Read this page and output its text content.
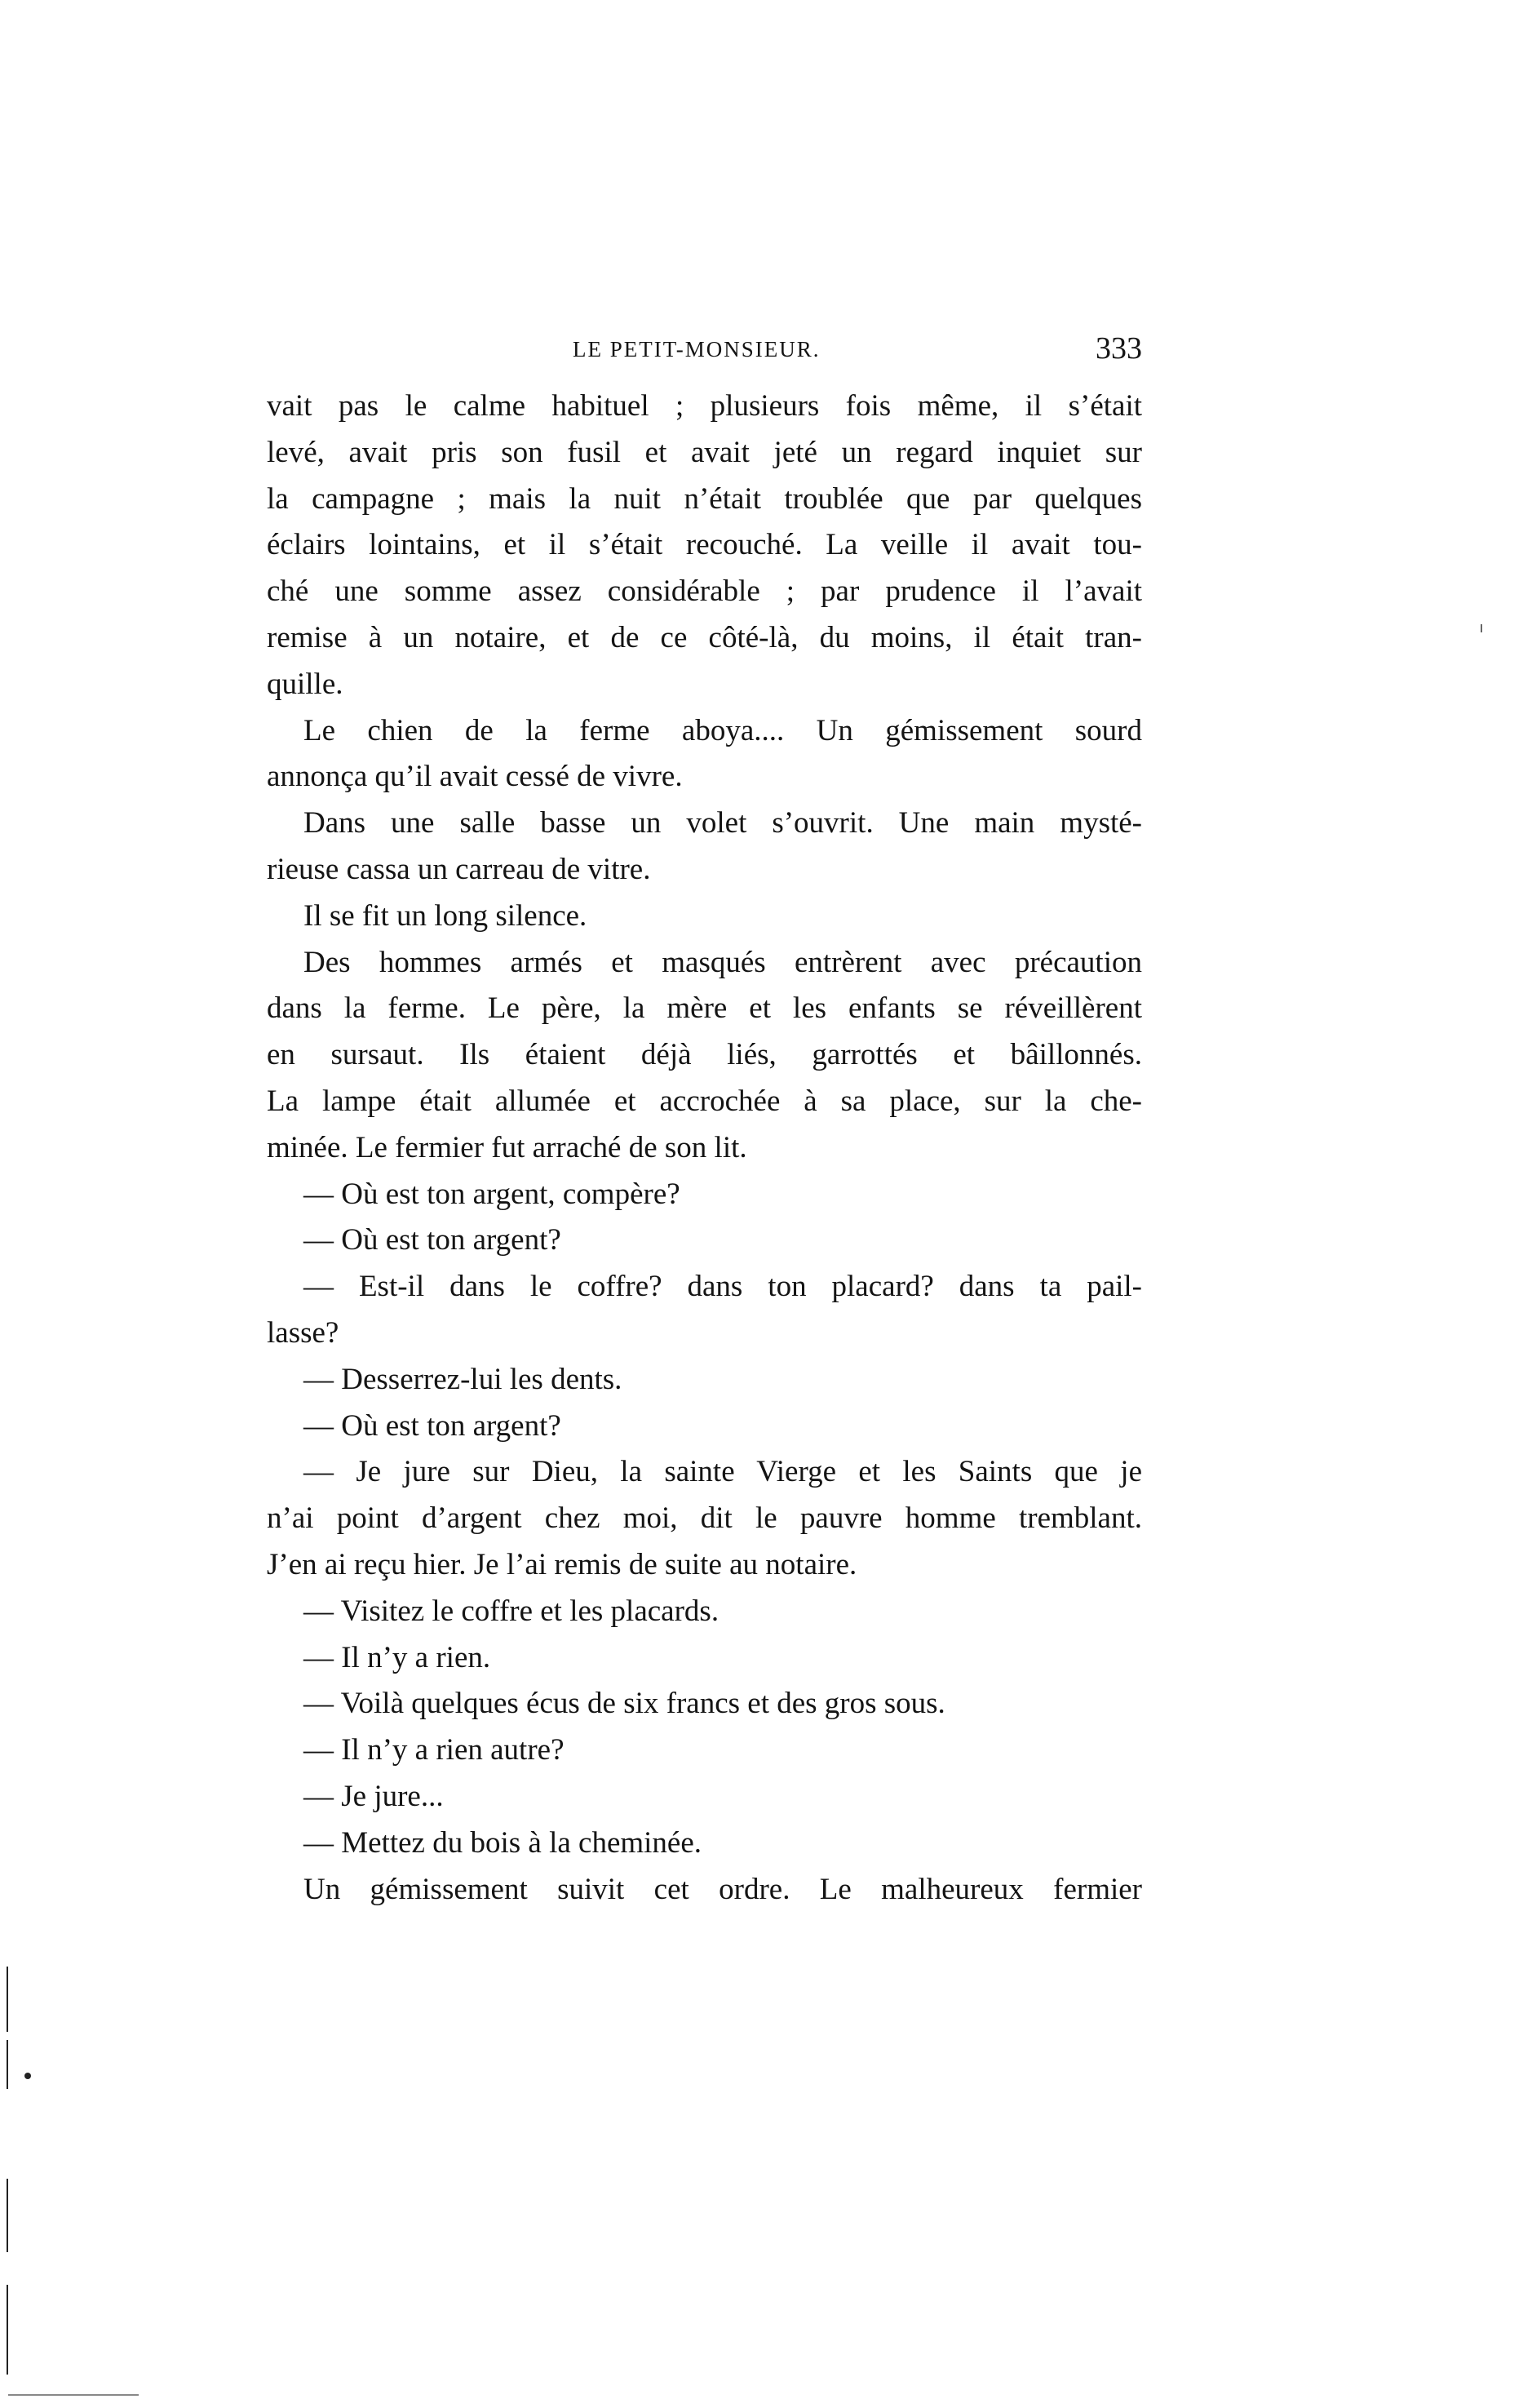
LE PETIT-MONSIEUR.	333
vait pas le calme habituel ; plusieurs fois même, il s’était
levé, avait pris son fusil et avait jeté un regard inquiet sur
la campagne ; mais la nuit n’était troublée que par quelques
éclairs lointains, et il s’était recouché. La veille il avait tou-
ché une somme assez considérable ; par prudence il l’avait
remise à un notaire, et de ce côté-là, du moins, il était tran-
quille.
Le chien de la ferme aboya.... Un gémissement sourd
annonça qu’il avait cessé de vivre.
Dans une salle basse un volet s’ouvrit. Une main mysté-
rieuse cassa un carreau de vitre.
Il se fit un long silence.
Des hommes armés et masqués entrèrent avec précaution
dans la ferme. Le père, la mère et les enfants se réveillèrent
en sursaut. Ils étaient déjà liés, garrottés et bâillonnés.
La lampe était allumée et accrochée à sa place, sur la che-
minée. Le fermier fut arraché de son lit.
— Où est ton argent, compère?
— Où est ton argent?
— Est-il dans le coffre? dans ton placard? dans ta pail-
lasse?
— Desserrez-lui les dents.
— Où est ton argent?
— Je jure sur Dieu, la sainte Vierge et les Saints que je
n’ai point d’argent chez moi, dit le pauvre homme tremblant.
J’en ai reçu hier. Je l’ai remis de suite au notaire.
— Visitez le coffre et les placards.
— Il n’y a rien.
— Voilà quelques écus de six francs et des gros sous.
— Il n’y a rien autre?
— Je jure...
— Mettez du bois à la cheminée.
Un gémissement suivit cet ordre. Le malheureux fermier
